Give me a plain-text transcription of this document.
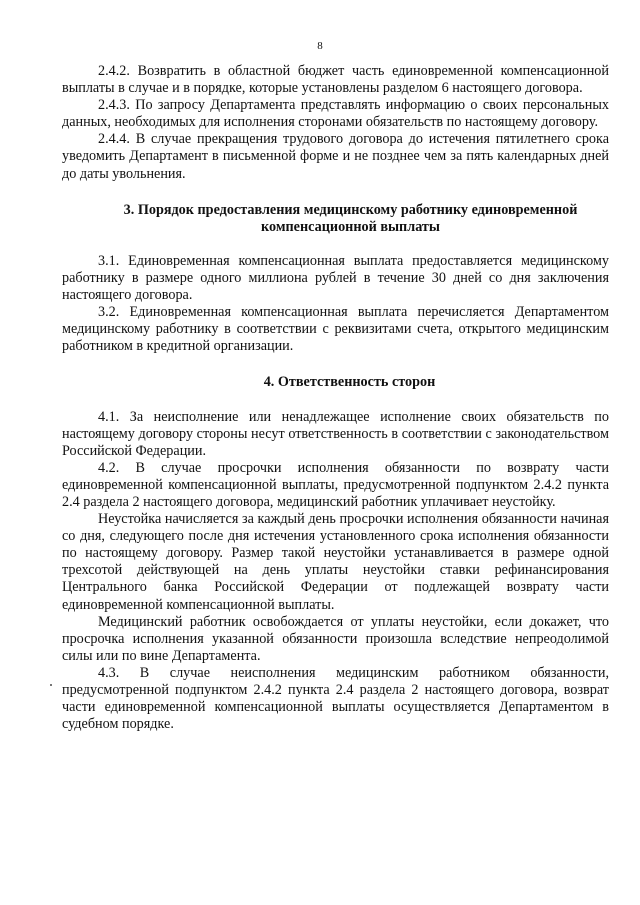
8

2.4.2. Возвратить в областной бюджет часть единовременной компенсационной выплаты в случае и в порядке, которые установлены разделом 6 настоящего договора.

2.4.3. По запросу Департамента представлять информацию о своих персональных данных, необходимых для исполнения сторонами обязательств по настоящему договору.

2.4.4. В случае прекращения трудового договора до истечения пятилетнего срока уведомить Департамент в письменной форме и не позднее чем за пять календарных дней до даты увольнения.

3. Порядок предоставления медицинскому работнику единовременной компенсационной выплаты

3.1. Единовременная компенсационная выплата предоставляется медицинскому работнику в размере одного миллиона рублей в течение 30 дней со дня заключения настоящего договора.

3.2. Единовременная компенсационная выплата перечисляется Департаментом медицинскому работнику в соответствии с реквизитами счета, открытого медицинским работником в кредитной организации.

4. Ответственность сторон

4.1. За неисполнение или ненадлежащее исполнение своих обязательств по настоящему договору стороны несут ответственность в соответствии с законодательством Российской Федерации.

4.2. В случае просрочки исполнения обязанности по возврату части единовременной компенсационной выплаты, предусмотренной подпунктом 2.4.2 пункта 2.4 раздела 2 настоящего договора, медицинский работник уплачивает неустойку.

Неустойка начисляется за каждый день просрочки исполнения обязанности начиная со дня, следующего после дня истечения установленного срока исполнения обязанности по настоящему договору. Размер такой неустойки устанавливается в размере одной трехсотой действующей на день уплаты неустойки ставки рефинансирования Центрального банка Российской Федерации от подлежащей возврату части единовременной компенсационной выплаты.

Медицинский работник освобождается от уплаты неустойки, если докажет, что просрочка исполнения указанной обязанности произошла вследствие непреодолимой силы или по вине Департамента.

4.3. В случае неисполнения медицинским работником обязанности, предусмотренной подпунктом 2.4.2 пункта 2.4 раздела 2 настоящего договора, возврат части единовременной компенсационной выплаты осуществляется Департаментом в судебном порядке.
